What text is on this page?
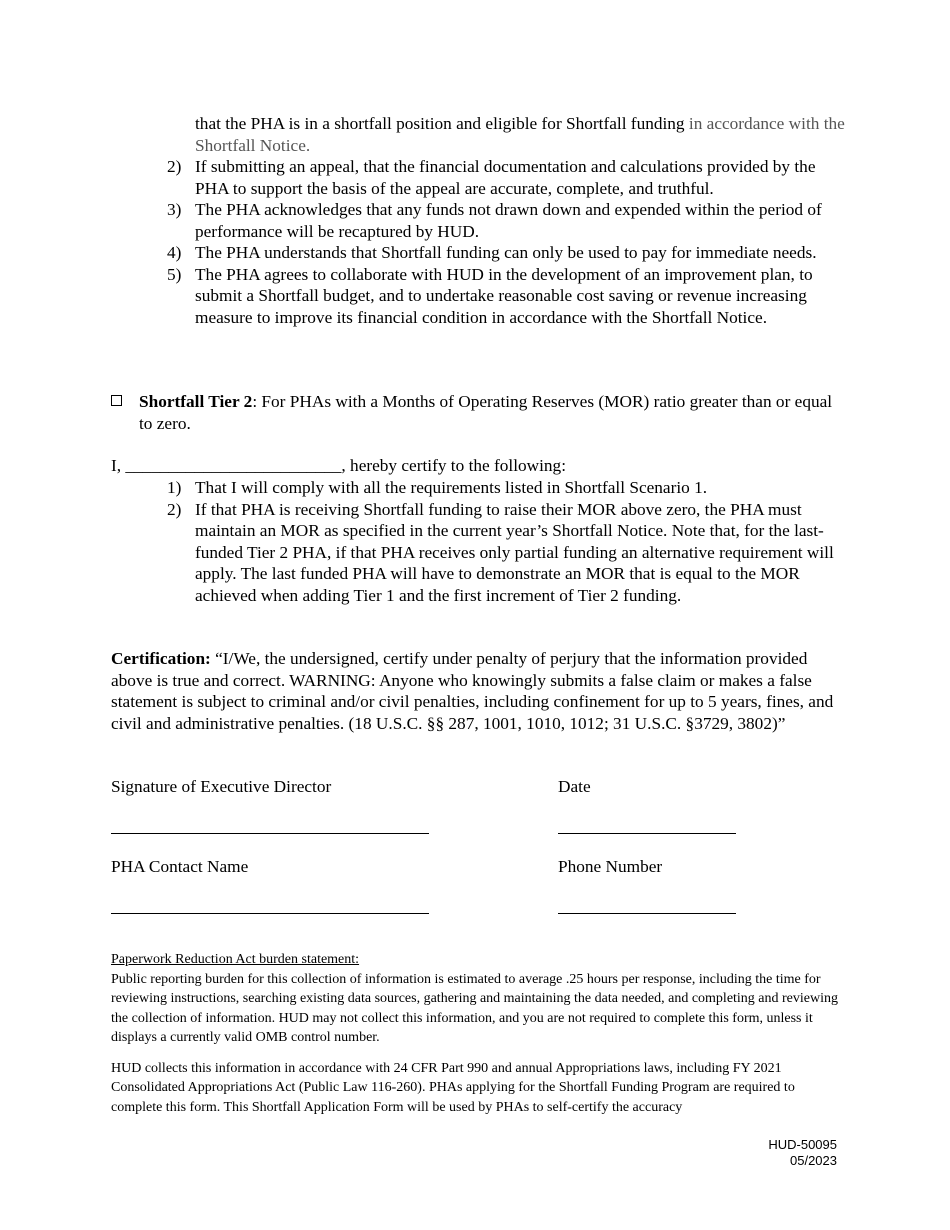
that the PHA is in a shortfall position and eligible for Shortfall funding in accordance with the Shortfall Notice.
2) If submitting an appeal, that the financial documentation and calculations provided by the PHA to support the basis of the appeal are accurate, complete, and truthful.
3) The PHA acknowledges that any funds not drawn down and expended within the period of performance will be recaptured by HUD.
4) The PHA understands that Shortfall funding can only be used to pay for immediate needs.
5) The PHA agrees to collaborate with HUD in the development of an improvement plan, to submit a Shortfall budget, and to undertake reasonable cost saving or revenue increasing measure to improve its financial condition in accordance with the Shortfall Notice.
Shortfall Tier 2: For PHAs with a Months of Operating Reserves (MOR) ratio greater than or equal to zero.
I, _________________________, hereby certify to the following:
1) That I will comply with all the requirements listed in Shortfall Scenario 1.
2) If that PHA is receiving Shortfall funding to raise their MOR above zero, the PHA must maintain an MOR as specified in the current year’s Shortfall Notice. Note that, for the last-funded Tier 2 PHA, if that PHA receives only partial funding an alternative requirement will apply. The last funded PHA will have to demonstrate an MOR that is equal to the MOR achieved when adding Tier 1 and the first increment of Tier 2 funding.
Certification: “I/We, the undersigned, certify under penalty of perjury that the information provided above is true and correct. WARNING: Anyone who knowingly submits a false claim or makes a false statement is subject to criminal and/or civil penalties, including confinement for up to 5 years, fines, and civil and administrative penalties. (18 U.S.C. §§ 287, 1001, 1010, 1012; 31 U.S.C. §3729, 3802)”
Signature of Executive Director	Date
PHA Contact Name	Phone Number
Paperwork Reduction Act burden statement:
Public reporting burden for this collection of information is estimated to average .25 hours per response, including the time for reviewing instructions, searching existing data sources, gathering and maintaining the data needed, and completing and reviewing the collection of information. HUD may not collect this information, and you are not required to complete this form, unless it displays a currently valid OMB control number.
HUD collects this information in accordance with 24 CFR Part 990 and annual Appropriations laws, including FY 2021 Consolidated Appropriations Act (Public Law 116-260). PHAs applying for the Shortfall Funding Program are required to complete this form. This Shortfall Application Form will be used by PHAs to self-certify the accuracy
HUD-50095
05/2023
